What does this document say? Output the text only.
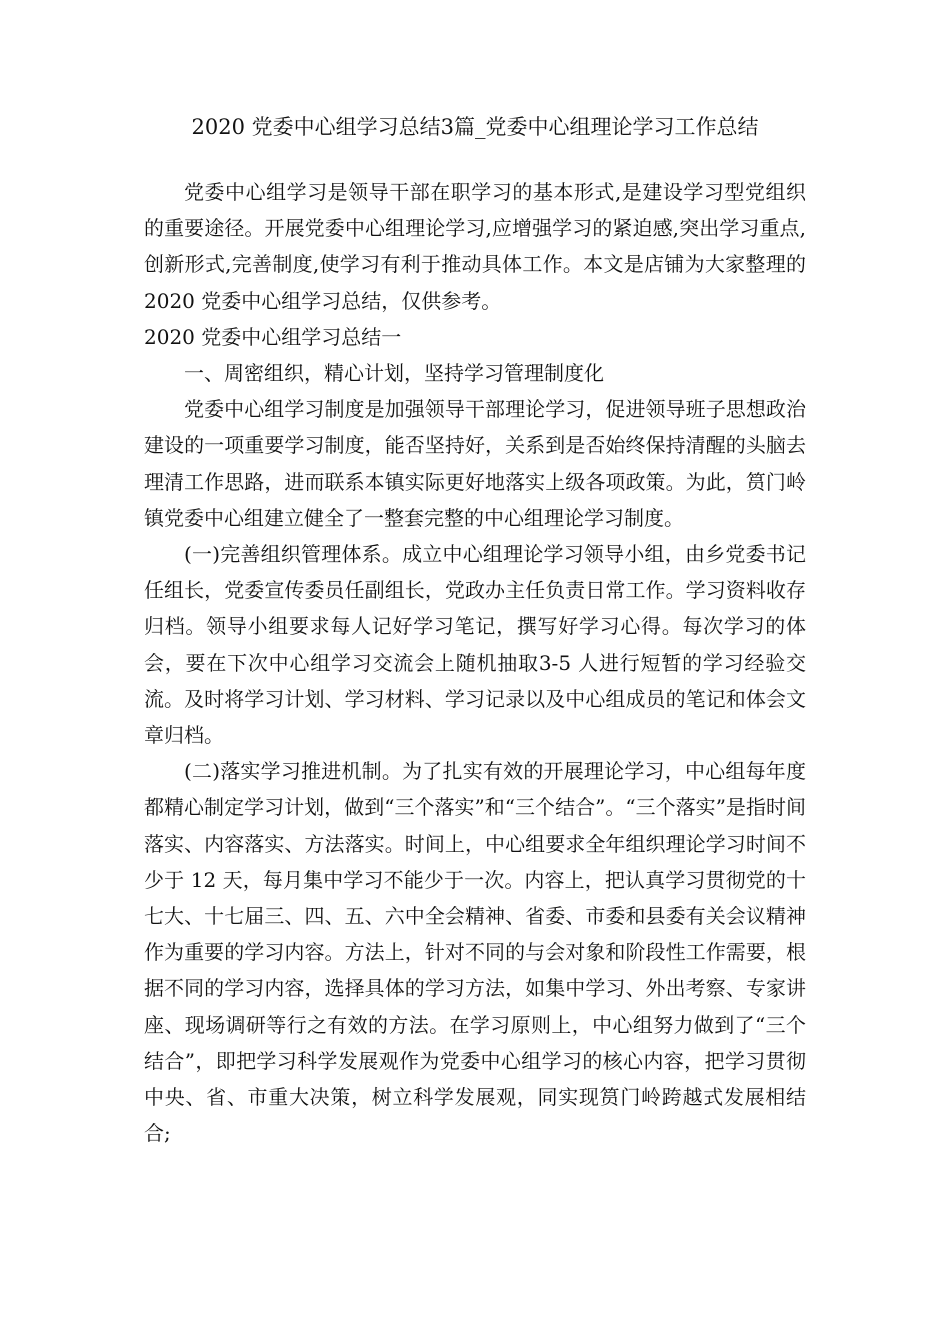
2020 党委中心组学习总结3篇_党委中心组理论学习工作总结

党委中心组学习是领导干部在职学习的基本形式,是建设学习型党组织的重要途径。开展党委中心组理论学习,应增强学习的紧迫感,突出学习重点,创新形式,完善制度,使学习有利于推动具体工作。本文是店铺为大家整理的2020 党委中心组学习总结，仅供参考。

2020 党委中心组学习总结一

一、周密组织，精心计划，坚持学习管理制度化

党委中心组学习制度是加强领导干部理论学习，促进领导班子思想政治建设的一项重要学习制度，能否坚持好，关系到是否始终保持清醒的头脑去理清工作思路，进而联系本镇实际更好地落实上级各项政策。为此，筼门岭镇党委中心组建立健全了一整套完整的中心组理论学习制度。

(一)完善组织管理体系。成立中心组理论学习领导小组，由乡党委书记任组长，党委宣传委员任副组长，党政办主任负责日常工作。学习资料收存归档。领导小组要求每人记好学习笔记，撰写好学习心得。每次学习的体会，要在下次中心组学习交流会上随机抽取3-5 人进行短暂的学习经验交流。及时将学习计划、学习材料、学习记录以及中心组成员的笔记和体会文章归档。

(二)落实学习推进机制。为了扎实有效的开展理论学习，中心组每年度都精心制定学习计划，做到“三个落实”和“三个结合”。“三个落实”是指时间落实、内容落实、方法落实。时间上，中心组要求全年组织理论学习时间不少于 12 天，每月集中学习不能少于一次。内容上，把认真学习贯彻党的十七大、十七届三、四、五、六中全会精神、省委、市委和县委有关会议精神作为重要的学习内容。方法上，针对不同的与会对象和阶段性工作需要，根据不同的学习内容，选择具体的学习方法，如集中学习、外出考察、专家讲座、现场调研等行之有效的方法。在学习原则上，中心组努力做到了“三个结合”，即把学习科学发展观作为党委中心组学习的核心内容，把学习贯彻中央、省、市重大决策，树立科学发展观，同实现筼门岭跨越式发展相结合;
